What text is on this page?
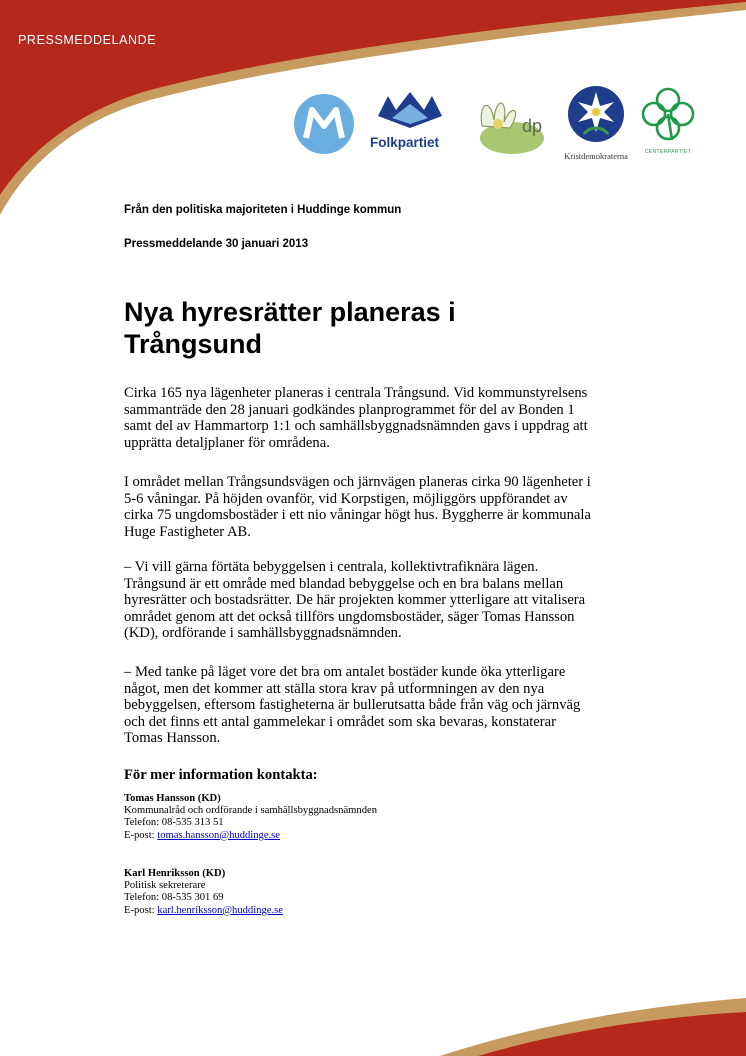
PRESSMEDDELANDE
Folkpartiet
dp
Kristdemokraterna	CENTERPARTIET
Från den politiska majoriteten i Huddinge kommun
Pressmeddelande 30 januari 2013
Nya hyresrätter planeras i Trångsund

Cirka 165 nya lägenheter planeras i centrala Trångsund. Vid kommunstyrelsens sammanträde den 28 januari godkändes planprogrammet för del av Bonden 1 samt del av Hammartorp 1:1 och samhällsbyggnadsnämnden gavs i uppdrag att upprätta detaljplaner för områdena.

I området mellan Trångsundsvägen och järnvägen planeras cirka 90 lägenheter i 5-6 våningar. På höjden ovanför, vid Korpstigen, möjliggörs uppförandet av cirka 75 ungdomsbostäder i ett nio våningar högt hus. Byggherre är kommunala Huge Fastigheter AB.

– Vi vill gärna förtäta bebyggelsen i centrala, kollektivtrafiknära lägen. Trångsund är ett område med blandad bebyggelse och en bra balans mellan hyresrätter och bostadsrätter. De här projekten kommer ytterligare att vitalisera området genom att det också tillförs ungdomsbostäder, säger Tomas Hansson (KD), ordförande i samhällsbyggnadsnämnden.

– Med tanke på läget vore det bra om antalet bostäder kunde öka ytterligare något, men det kommer att ställa stora krav på utformningen av den nya bebyggelsen, eftersom fastigheterna är bullerutsatta både från väg och järnväg och det finns ett antal gammelekar i området som ska bevaras, konstaterar Tomas Hansson.

För mer information kontakta:

Tomas Hansson (KD)
Kommunalråd och ordförande i samhällsbyggnadsnämnden
Telefon: 08-535 313 51
E-post: tomas.hansson@huddinge.se
Karl Henriksson (KD)
Politisk sekreterare
Telefon: 08-535 301 69
E-post: karl.henriksson@huddinge.se
